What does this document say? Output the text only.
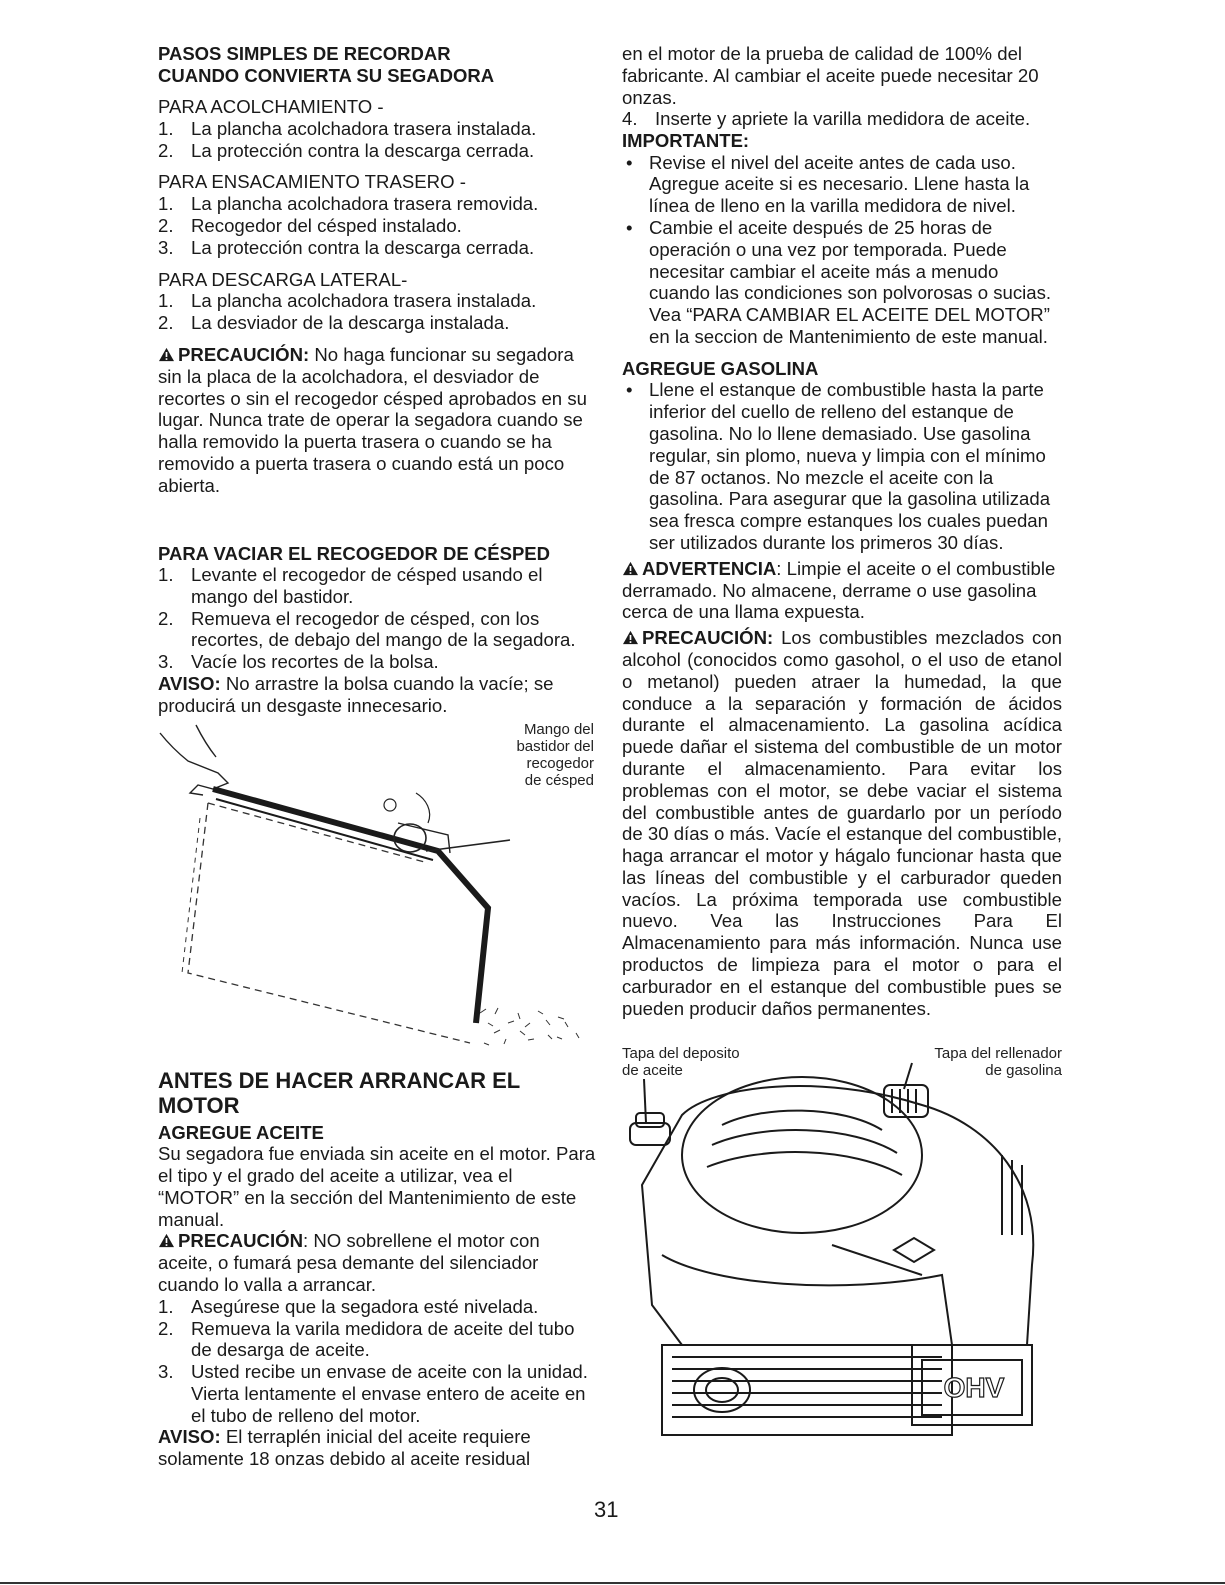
PASOS SIMPLES DE RECORDAR
CUANDO CONVIERTA SU SEGADORA

PARA ACOLCHAMIENTO -

1. La plancha acolchadora trasera instalada.
2. La protección contra la descarga cerrada.

PARA ENSACAMIENTO TRASERO -

1. La plancha acolchadora trasera removida.
2. Recogedor del césped instalado.
3. La protección contra la descarga cerrada.

PARA DESCARGA LATERAL-

1. La plancha acolchadora trasera instalada.
2. La desviador de la descarga instalada.

PRECAUCIÓN: No haga funcionar su segadora sin la placa de la acolchadora, el desviador de recortes o sin el recogedor césped aprobados en su lugar. Nunca trate de operar la segadora cuando se halla removido la puerta trasera o cuando se ha removido a puerta trasera o cuando está un poco abierta.

PARA VACIAR EL RECOGEDOR DE CÉSPED

1. Levante el recogedor de césped usando el mango del bastidor.
2. Remueva el recogedor de césped, con los recortes, de debajo del mango de la segadora.
3. Vacíe los recortes de la bolsa.

AVISO: No arrastre la bolsa cuando la vacíe; se producirá un desgaste innecesario.

Mango del
bastidor del
recogedor
de césped

ANTES DE HACER ARRANCAR EL
MOTOR

AGREGUE ACEITE

Su segadora fue enviada sin aceite en el motor. Para el tipo y el grado del aceite a utilizar, vea el “MOTOR” en la sección del Mantenimiento de este manual.

PRECAUCIÓN: NO sobrellene el motor con aceite, o fumará pesa demante del silenciador cuando lo valla a arrancar.

1. Asegúrese que la segadora esté nivelada.
2. Remueva la varila medidora de aceite del tubo de desarga de aceite.
3. Usted recibe un envase de aceite con la unidad. Vierta lentamente el envase entero de aceite en el tubo de relleno del motor.

AVISO: El terraplén inicial del aceite requiere solamente 18 onzas debido al aceite residual

en el motor de la prueba de calidad de 100% del fabricante. Al cambiar el aceite puede necesitar 20 onzas.

4. Inserte y apriete la varilla medidora de aceite.

IMPORTANTE:

• Revise el nivel del aceite antes de cada uso. Agregue aceite si es necesario. Llene hasta la línea de lleno en la varilla medidora de nivel.
• Cambie el aceite después de 25 horas de operación o una vez por temporada. Puede necesitar cambiar el aceite más a menudo cuando las condiciones son polvorosas o sucias. Vea “PARA CAMBIAR EL ACEITE DEL MOTOR” en la seccion de Mantenimiento de este manual.

AGREGUE GASOLINA

• Llene el estanque de combustible hasta la parte inferior del cuello de relleno del estanque de gasolina. No lo llene demasiado. Use gasolina regular, sin plomo, nueva y limpia con el mínimo de 87 octanos. No mezcle el aceite con la gasolina. Para asegurar que la gasolina utilizada sea fresca compre estanques los cuales puedan ser utilizados durante los primeros 30 días.

ADVERTENCIA: Limpie el aceite o el combustible derramado. No almacene, derrame o use gasolina cerca de una llama expuesta.

PRECAUCIÓN: Los combustibles mezclados con alcohol (conocidos como gasohol, o el uso de etanol o metanol) pueden atraer la humedad, la que conduce a la separación y formación de ácidos durante el almacenamiento. La gasolina acídica puede dañar el sistema del combustible de un motor durante el almacenamiento. Para evitar los problemas con el motor, se debe vaciar el sistema del combustible antes de guardarlo por un período de 30 días o más. Vacíe el estanque del combustible, haga arrancar el motor y hágalo funcionar hasta que las líneas del combustible y el carburador queden vacíos. La próxima temporada use combustible nuevo. Vea las Instrucciones Para El Almacenamiento para más información. Nunca use productos de limpieza para el motor o para el carburador en el estanque del combustible pues se pueden producir daños permanentes.

Tapa del deposito
de aceite
Tapa del rellenador
de gasolina
OHV
31
